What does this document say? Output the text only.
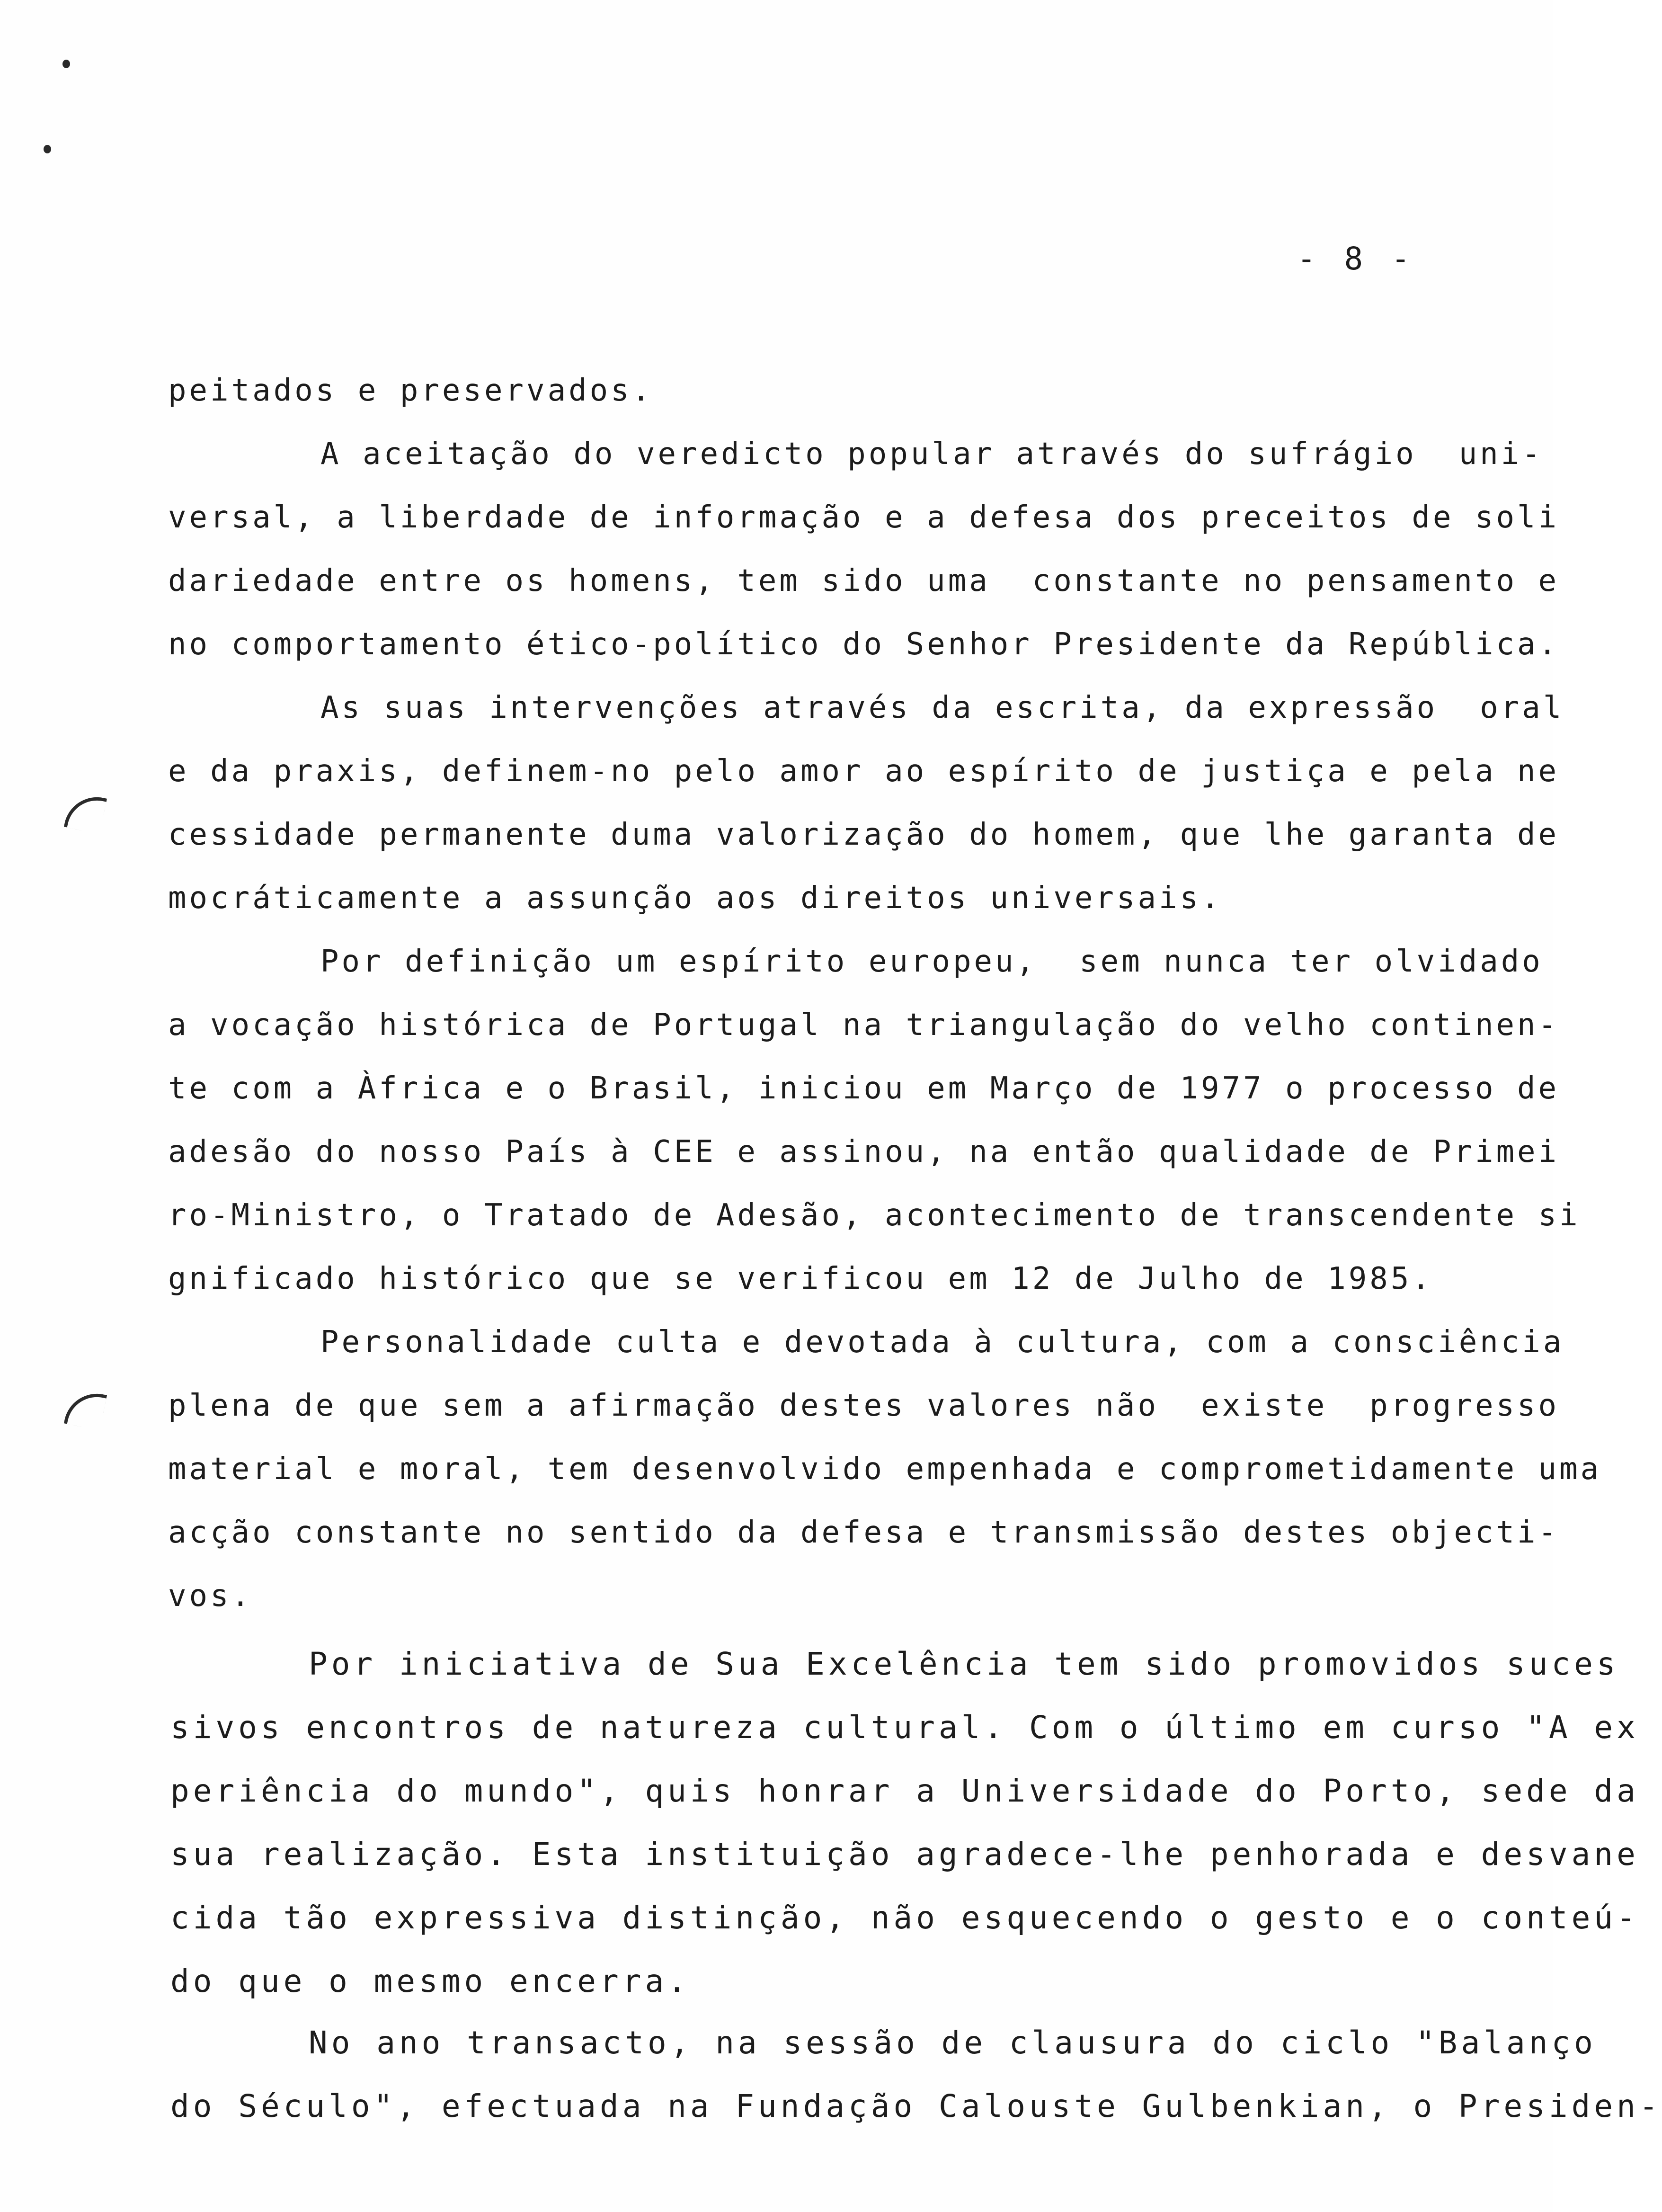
- 8 -
peitados e preservados.
A aceitação do veredicto popular através do sufrágio  uni-
versal, a liberdade de informação e a defesa dos preceitos de soli
dariedade entre os homens, tem sido uma  constante no pensamento e
no comportamento ético-político do Senhor Presidente da República.
As suas intervenções através da escrita, da expressão  oral
e da praxis, definem-no pelo amor ao espírito de justiça e pela ne
cessidade permanente duma valorização do homem, que lhe garanta de
mocráticamente a assunção aos direitos universais.
Por definição um espírito europeu,  sem nunca ter olvidado
a vocação histórica de Portugal na triangulação do velho continen-
te com a Àfrica e o Brasil, iniciou em Março de 1977 o processo de
adesão do nosso País à CEE e assinou, na então qualidade de Primei
ro-Ministro, o Tratado de Adesão, acontecimento de transcendente si
gnificado histórico que se verificou em 12 de Julho de 1985.
Personalidade culta e devotada à cultura, com a consciência
plena de que sem a afirmação destes valores não  existe  progresso
material e moral, tem desenvolvido empenhada e comprometidamente uma
acção constante no sentido da defesa e transmissão destes objecti-
vos.
Por iniciativa de Sua Excelência tem sido promovidos suces
sivos encontros de natureza cultural. Com o último em curso "A ex
periência do mundo", quis honrar a Universidade do Porto, sede da
sua realização. Esta instituição agradece-lhe penhorada e desvane
cida tão expressiva distinção, não esquecendo o gesto e o conteú-
do que o mesmo encerra.
No ano transacto, na sessão de clausura do ciclo "Balanço
do Século", efectuada na Fundação Calouste Gulbenkian, o Presiden-
